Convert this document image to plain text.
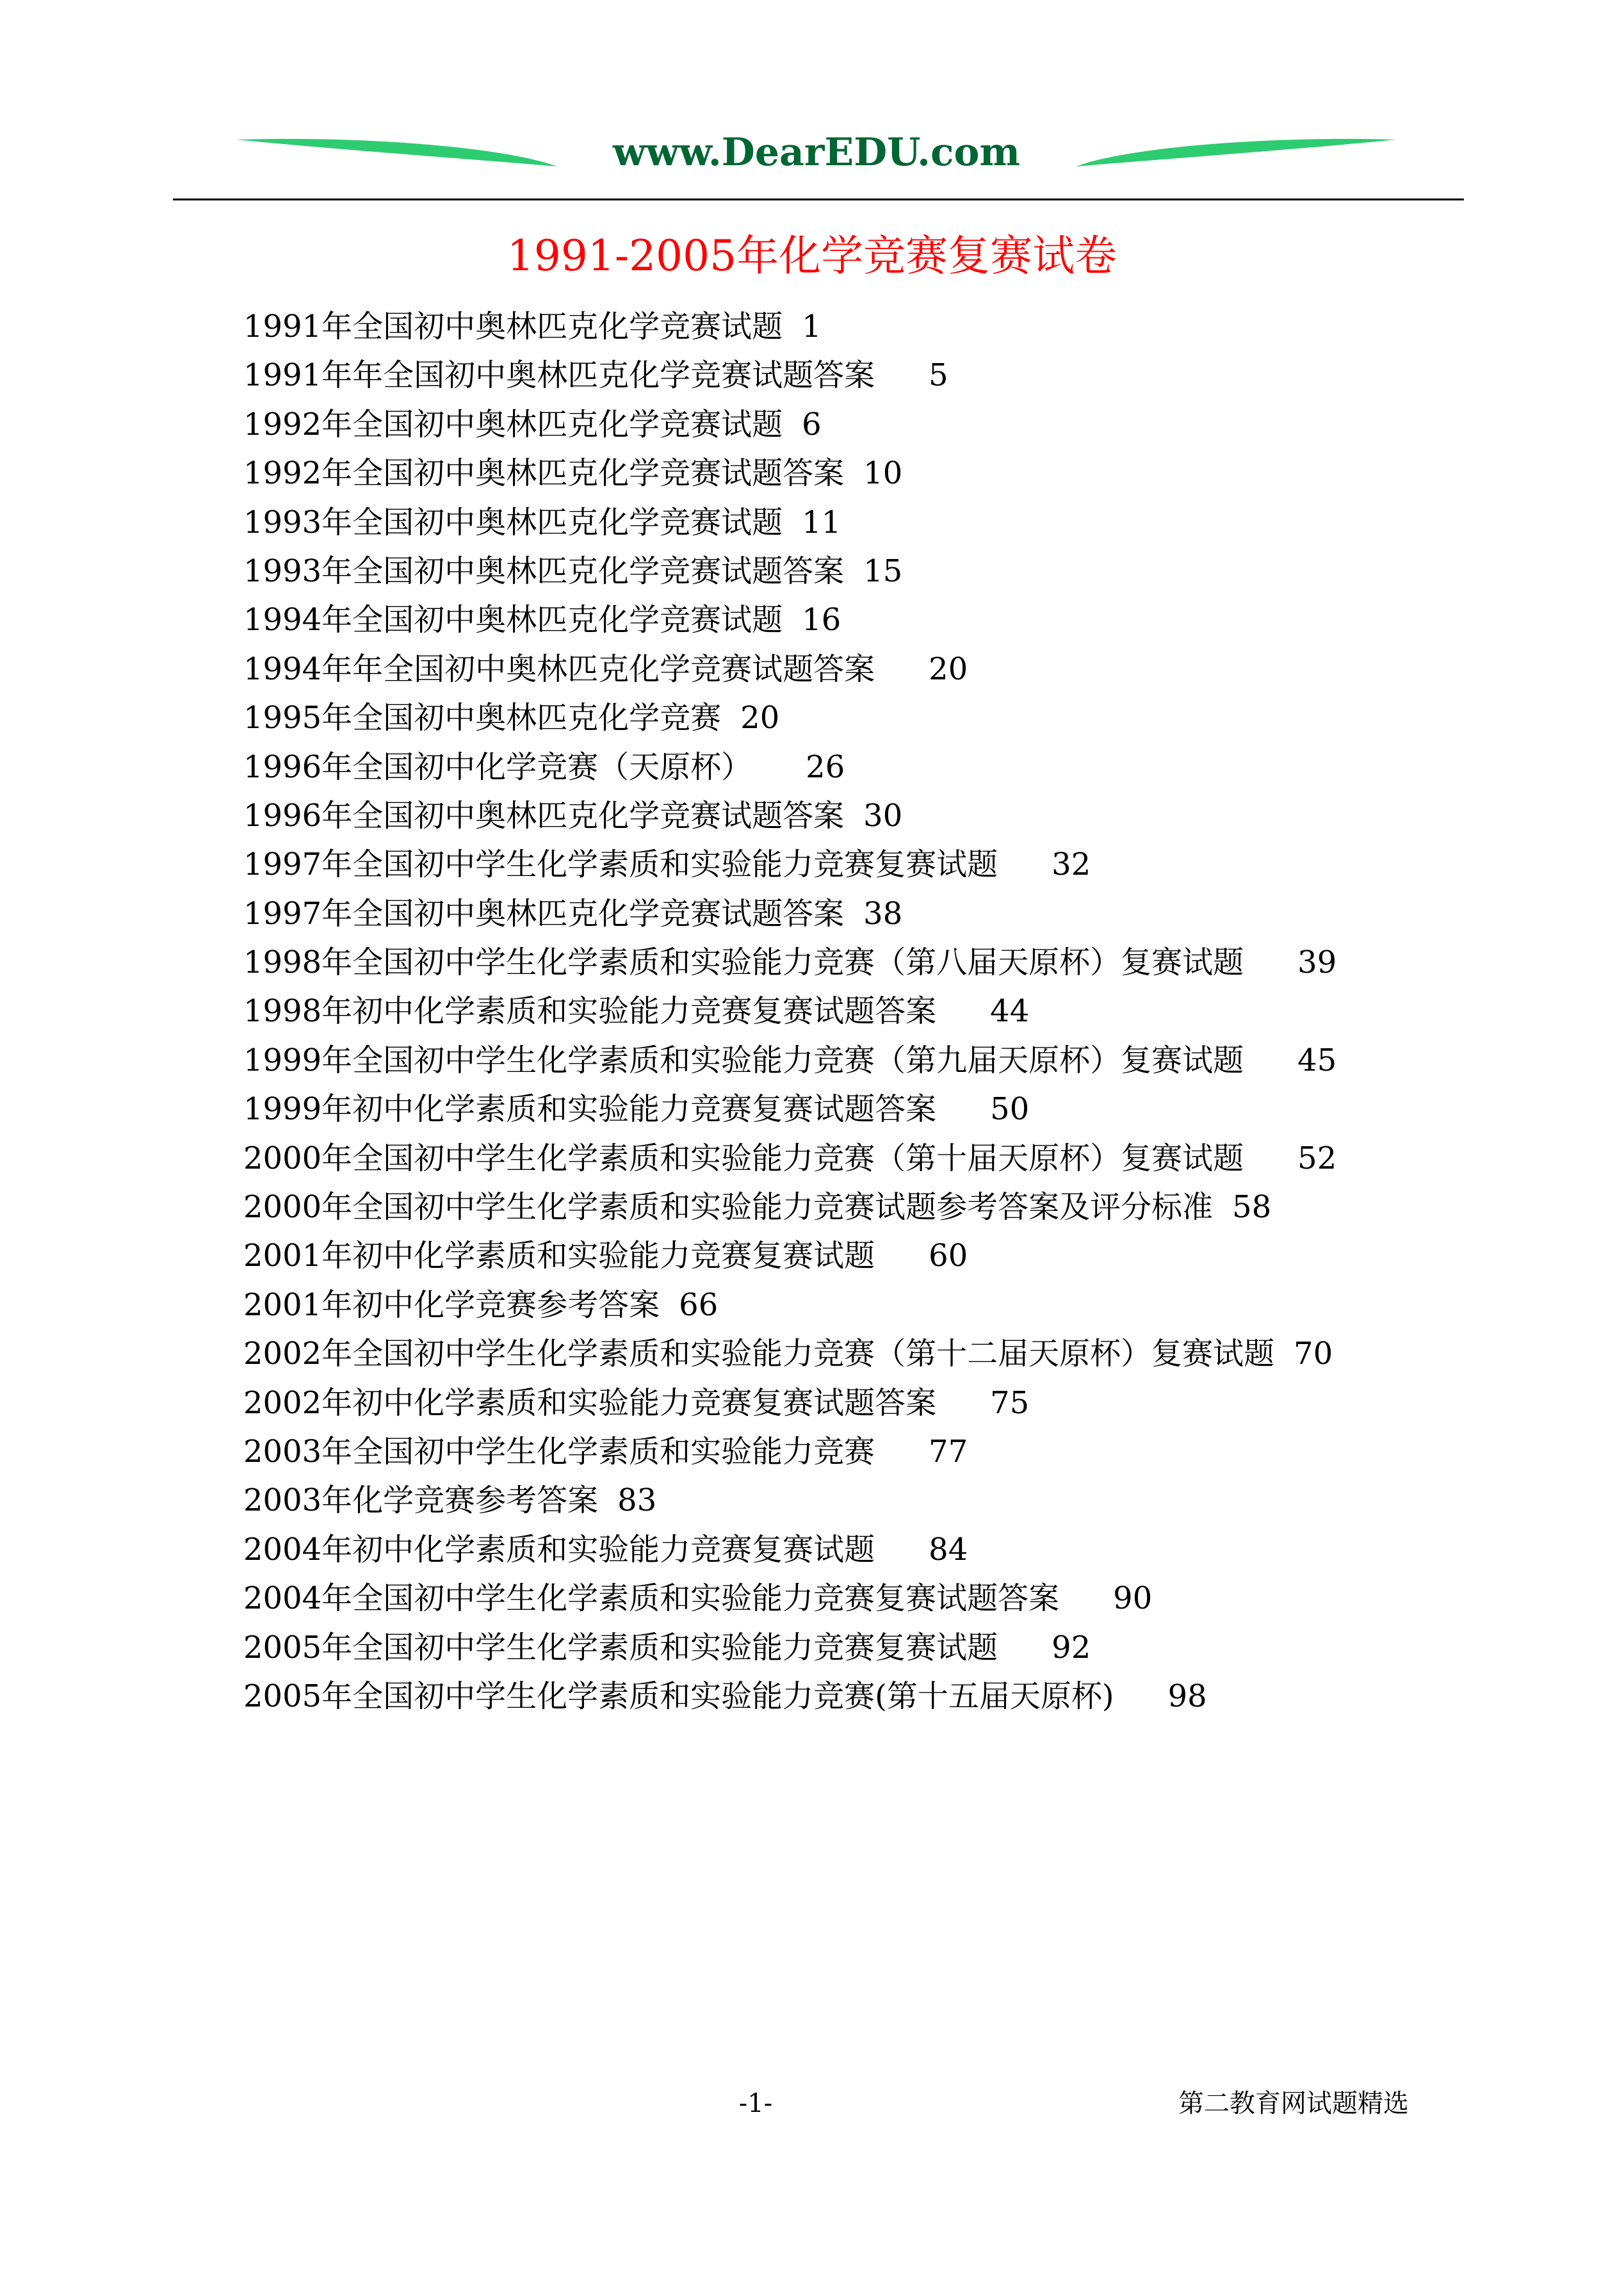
www.DearEDU.com
1991-2005年化学竞赛复赛试卷
1991年全国初中奥林匹克化学竞赛试题 1
1991年年全国初中奥林匹克化学竞赛试题答案 5
1992年全国初中奥林匹克化学竞赛试题 6
1992年全国初中奥林匹克化学竞赛试题答案 10
1993年全国初中奥林匹克化学竞赛试题 11
1993年全国初中奥林匹克化学竞赛试题答案 15
1994年全国初中奥林匹克化学竞赛试题 16
1994年年全国初中奥林匹克化学竞赛试题答案 20
1995年全国初中奥林匹克化学竞赛 20
1996年全国初中化学竞赛（天原杯） 26
1996年全国初中奥林匹克化学竞赛试题答案 30
1997年全国初中学生化学素质和实验能力竞赛复赛试题 32
1997年全国初中奥林匹克化学竞赛试题答案 38
1998年全国初中学生化学素质和实验能力竞赛（第八届天原杯）复赛试题 39
1998年初中化学素质和实验能力竞赛复赛试题答案 44
1999年全国初中学生化学素质和实验能力竞赛（第九届天原杯）复赛试题 45
1999年初中化学素质和实验能力竞赛复赛试题答案 50
2000年全国初中学生化学素质和实验能力竞赛（第十届天原杯）复赛试题 52
2000年全国初中学生化学素质和实验能力竞赛试题参考答案及评分标准 58
2001年初中化学素质和实验能力竞赛复赛试题 60
2001年初中化学竞赛参考答案 66
2002年全国初中学生化学素质和实验能力竞赛（第十二届天原杯）复赛试题 70
2002年初中化学素质和实验能力竞赛复赛试题答案 75
2003年全国初中学生化学素质和实验能力竞赛 77
2003年化学竞赛参考答案 83
2004年初中化学素质和实验能力竞赛复赛试题 84
2004年全国初中学生化学素质和实验能力竞赛复赛试题答案 90
2005年全国初中学生化学素质和实验能力竞赛复赛试题 92
2005年全国初中学生化学素质和实验能力竞赛(第十五届天原杯) 98
-1-	第二教育网试题精选
